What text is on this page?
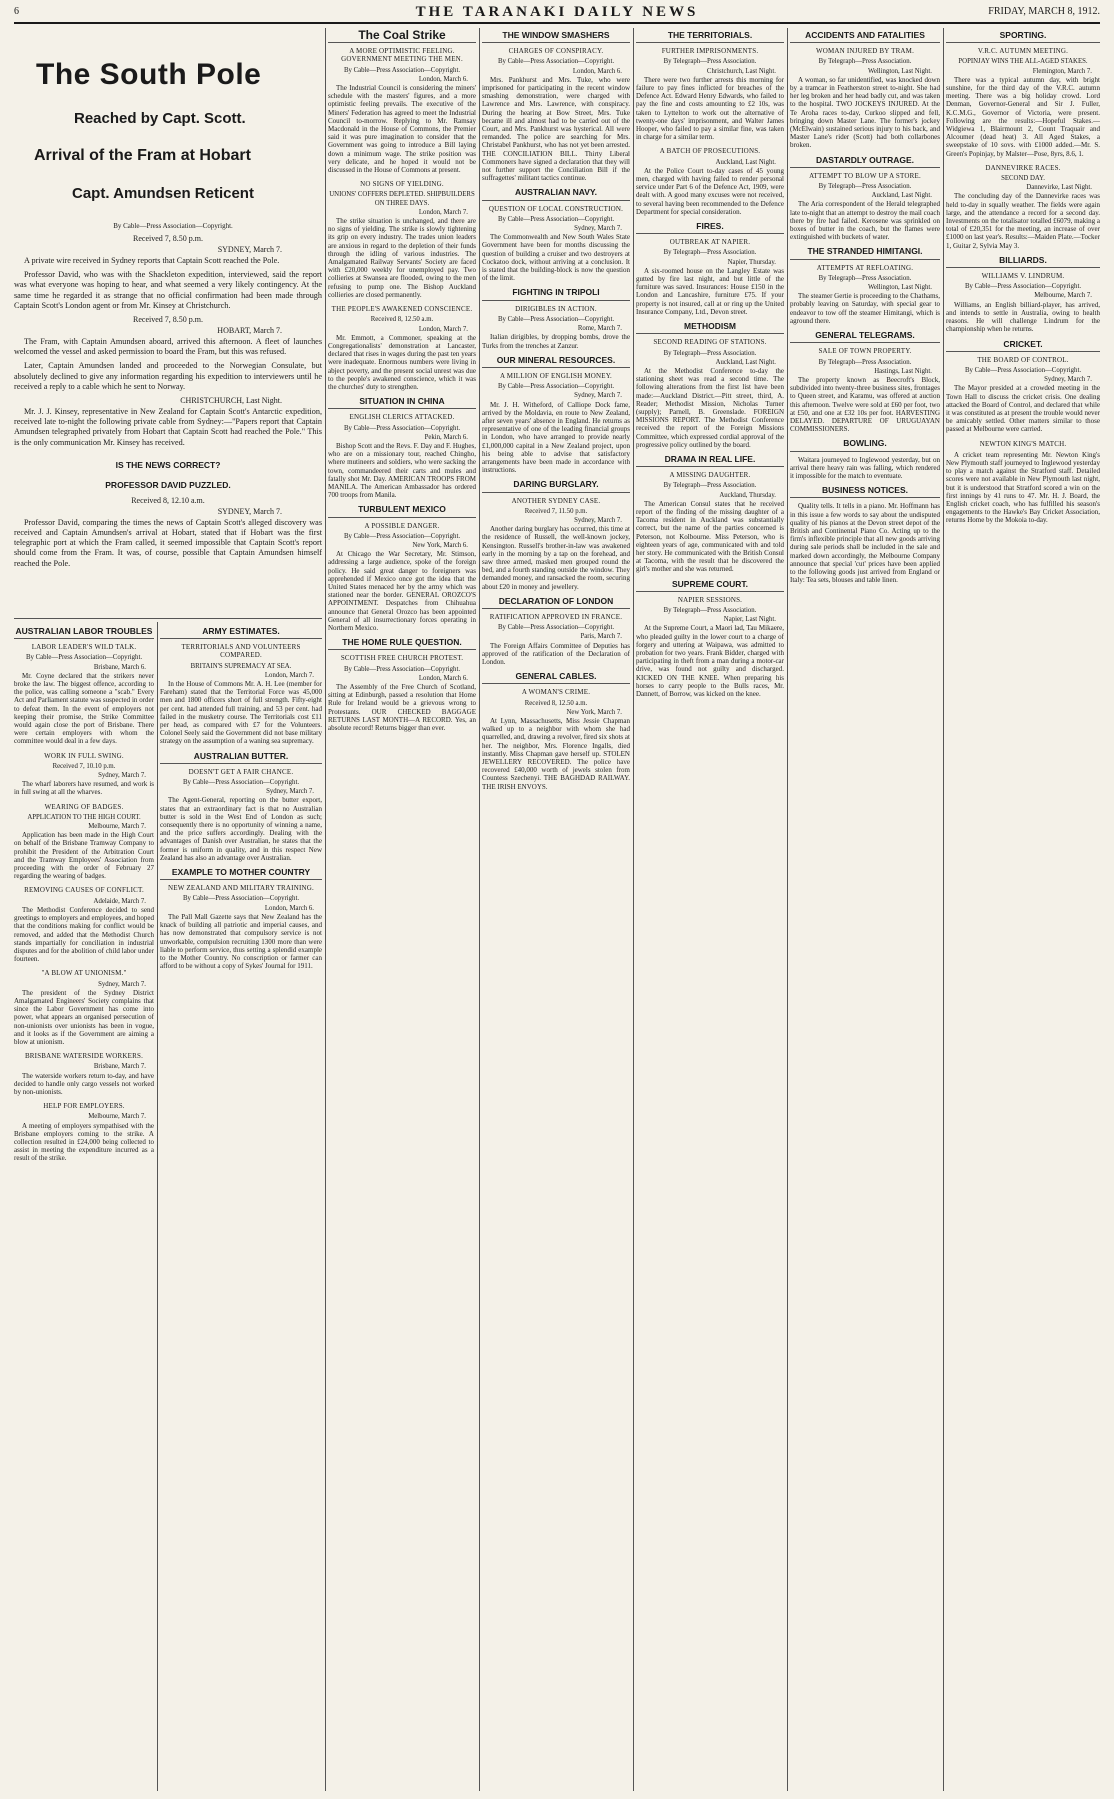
6	THE TARANAKI DAILY NEWS	FRIDAY, MARCH 8, 1912.
The South Pole
Reached by Capt. Scott.
Arrival of the Fram at Hobart
Capt. Amundsen Reticent
By Cable—Press Association—Copyright.
Received 7, 8.50 p.m.
SYDNEY, March 7.

A private wire received in Sydney reports that Captain Scott reached the Pole.

Professor David, who was with the Shackleton expedition, interviewed, said the report was what everyone was hoping to hear, and what seemed a very likely contingency. At the same time he regarded it as strange that no official confirmation had been made through Captain Scott's London agent or from Mr. Kinsey at Christchurch.

Received 7, 8.50 p.m.
HOBART, March 7.

The Fram, with Captain Amundsen aboard, arrived this afternoon. A fleet of launches welcomed the vessel and asked permission to board the Fram, but this was refused.

Later, Captain Amundsen landed and proceeded to the Norwegian Consulate, but absolutely declined to give any information regarding his expedition to interviewers until he received a reply to a cable which he sent to Norway.

CHRISTCHURCH, Last Night.

Mr. J. J. Kinsey, representative in New Zealand for Captain Scott's Antarctic expedition, received late to-night the following private cable from Sydney:—"Papers report that Captain Amundsen telegraphed privately from Hobart that Captain Scott had reached the Pole." This is the only communication Mr. Kinsey has received.

IS THE NEWS CORRECT?
PROFESSOR DAVID PUZZLED.
Received 8, 12.10 a.m.
SYDNEY, March 7.

Professor David, comparing the times the news of Captain Scott's alleged discovery was received and Captain Amundsen's arrival at Hobart, stated that if Hobart was the first telegraphic port at which the Fram called, it seemed impossible that Captain Scott's report should come from the Fram. It was, of course, possible that Captain Amundsen himself reached the Pole.

AUSTRALIAN LABOR TROUBLES
LABOR LEADER'S WILD TALK.
By Cable—Press Association—Copyright.
Brisbane, March 6.

Mr. Coyne declared that the strikers never broke the law. The biggest offence, according to the police, was calling someone a "scab." Every Act and Parliament statute was suspected in order to defeat them. In the event of employers not keeping their promise, the Strike Committee would again close the port of Brisbane. There were certain employers with whom the committee would deal in a few days.

WORK IN FULL SWING.
Received 7, 10.10 p.m.
Sydney, March 7.

The wharf laborers have resumed, and work is in full swing at all the wharves.

WEARING OF BADGES.
APPLICATION TO THE HIGH COURT.
Melbourne, March 7.

Application has been made in the High Court on behalf of the Brisbane Tramway Company to prohibit the President of the Arbitration Court and the Tramway Employees' Association from proceeding with the order of February 27 regarding the wearing of badges.

REMOVING CAUSES OF CONFLICT.
Adelaide, March 7.

The Methodist Conference decided to send greetings to employers and employees, and hoped that the conditions making for conflict would be removed, and added that the Methodist Church stands impartially for conciliation in industrial disputes and for the abolition of child labor under fourteen.

"A BLOW AT UNIONISM."
Sydney, March 7.

The president of the Sydney District Amalgamated Engineers' Society complains that since the Labor Government has come into power, what appears an organised persecution of non-unionists over unionists has been in vogue, and it looks as if the Government are aiming a blow at unionism.

BRISBANE WATERSIDE WORKERS.
Brisbane, March 7.

The waterside workers return to-day, and have decided to handle only cargo vessels not worked by non-unionists.

HELP FOR EMPLOYERS.
Melbourne, March 7.

A meeting of employers sympathised with the Brisbane employers coming to the strike. A collection resulted in £24,000 being collected to assist in meeting the expenditure incurred as a result of the strike.

ARMY ESTIMATES.
TERRITORIALS AND VOLUNTEERS COMPARED.
BRITAIN'S SUPREMACY AT SEA.
London, March 7.

In the House of Commons Mr. A. H. Lee (member for Fareham) stated that the Territorial Force was 45,000 men and 1800 officers short of full strength. Fifty-eight per cent. had attended full training, and 53 per cent. had failed in the musketry course. The Territorials cost £11 per head, as compared with £7 for the Volunteers. Colonel Seely said the Government did not base military strategy on the assumption of a waning sea supremacy.

AUSTRALIAN BUTTER.
DOESN'T GET A FAIR CHANCE.
By Cable—Press Association—Copyright.
Sydney, March 7.

The Agent-General, reporting on the butter export, states that an extraordinary fact is that no Australian butter is sold in the West End of London as such; consequently there is no opportunity of winning a name, and the price suffers accordingly. Dealing with the advantages of Danish over Australian, he states that the former is uniform in quality, and in this respect New Zealand has also an advantage over Australian.

EXAMPLE TO MOTHER COUNTRY
NEW ZEALAND AND MILITARY TRAINING.
By Cable—Press Association—Copyright.
London, March 6.

The Pall Mall Gazette says that New Zealand has the knack of building all patriotic and imperial causes, and has now demonstrated that compulsory service is not unworkable, compulsion recruiting 1300 more than were liable to perform service, thus setting a splendid example to the Mother Country. No conscription or farmer can afford to be without a copy of Sykes' Journal for 1911.

The Coal Strike
A MORE OPTIMISTIC FEELING. GOVERNMENT MEETING THE MEN.
By Cable—Press Association—Copyright.
London, March 6.

The Industrial Council is considering the miners' schedule with the masters' figures, and a more optimistic feeling prevails. The executive of the Miners' Federation has agreed to meet the Industrial Council to-morrow. Replying to Mr. Ramsay Macdonald in the House of Commons, the Premier said it was pure imagination to consider that the Government was going to introduce a Bill laying down a minimum wage. The strike position was very delicate, and he hoped it would not be discussed in the House of Commons at present.

NO SIGNS OF YIELDING.
UNIONS' COFFERS DEPLETED. SHIPBUILDERS ON THREE DAYS.
London, March 7.

The strike situation is unchanged, and there are no signs of yielding. The strike is slowly tightening its grip on every industry. The trades union leaders are anxious in regard to the depletion of their funds through the idling of various industries. The Amalgamated Railway Servants' Society are faced with £20,000 weekly for unemployed pay. Two collieries at Swansea are flooded, owing to the men refusing to pump one. The Bishop Auckland collieries are closed permanently.

THE PEOPLE'S AWAKENED CONSCIENCE.
Received 8, 12.50 a.m.
London, March 7.

Mr. Emmott, a Commoner, speaking at the Congregationalists' demonstration at Lancaster, declared that rises in wages during the past ten years were inadequate. Enormous numbers were living in abject poverty, and the present social unrest was due to the people's awakened conscience, which it was the churches' duty to strengthen.

SITUATION IN CHINA
ENGLISH CLERICS ATTACKED.
By Cable—Press Association—Copyright.
Pekin, March 6.

Bishop Scott and the Revs. F. Day and F. Hughes, who are on a missionary tour, reached Chingho, where mutineers and soldiers, who were sacking the town, commandeered their carts and mules and fatally shot Mr. Day. AMERICAN TROOPS FROM MANILA. The American Ambassador has ordered 700 troops from Manila.

TURBULENT MEXICO
A POSSIBLE DANGER.
By Cable—Press Association—Copyright.
New York, March 6.

At Chicago the War Secretary, Mr. Stimson, addressing a large audience, spoke of the foreign policy. He said great danger to foreigners was apprehended if Mexico once got the idea that the United States menaced her by the army which was stationed near the border. GENERAL OROZCO'S APPOINTMENT. Despatches from Chihuahua announce that General Orozco has been appointed General of all insurrectionary forces operating in Northern Mexico.

THE HOME RULE QUESTION.
SCOTTISH FREE CHURCH PROTEST.
By Cable—Press Association—Copyright.
London, March 6.

The Assembly of the Free Church of Scotland, sitting at Edinburgh, passed a resolution that Home Rule for Ireland would be a grievous wrong to Protestants. OUR CHECKED BAGGAGE RETURNS LAST MONTH—A RECORD. Yes, an absolute record! Returns bigger than ever.

THE WINDOW SMASHERS
CHARGES OF CONSPIRACY.
By Cable—Press Association—Copyright.
London, March 6.

Mrs. Pankhurst and Mrs. Tuke, who were imprisoned for participating in the recent window smashing demonstration, were charged with Lawrence and Mrs. Lawrence, with conspiracy. During the hearing at Bow Street, Mrs. Tuke became ill and almost had to be carried out of the Court, and Mrs. Pankhurst was hysterical. All were remanded. The police are searching for Mrs. Christabel Pankhurst, who has not yet been arrested. THE CONCILIATION BILL. Thirty Liberal Commoners have signed a declaration that they will not further support the Conciliation Bill if the suffragettes' militant tactics continue.

AUSTRALIAN NAVY.
QUESTION OF LOCAL CONSTRUCTION.
By Cable—Press Association—Copyright.
Sydney, March 7.

The Commonwealth and New South Wales State Government have been for months discussing the question of building a cruiser and two destroyers at Cockatoo dock, without arriving at a conclusion. It is stated that the building-block is now the question of the limit.

FIGHTING IN TRIPOLI
DIRIGIBLES IN ACTION.
By Cable—Press Association—Copyright.
Rome, March 7.

Italian dirigibles, by dropping bombs, drove the Turks from the trenches at Zanzur.

OUR MINERAL RESOURCES.
A MILLION OF ENGLISH MONEY.
By Cable—Press Association—Copyright.
Sydney, March 7.

Mr. J. H. Witheford, of Calliope Dock fame, arrived by the Moldavia, en route to New Zealand, after seven years' absence in England. He returns as representative of one of the leading financial groups in London, who have arranged to provide nearly £1,000,000 capital in a New Zealand project, upon his being able to advise that satisfactory arrangements have been made in accordance with instructions.

DARING BURGLARY.
ANOTHER SYDNEY CASE.
Received 7, 11.50 p.m.
Sydney, March 7.

Another daring burglary has occurred, this time at the residence of Russell, the well-known jockey, Kensington. Russell's brother-in-law was awakened early in the morning by a tap on the forehead, and saw three armed, masked men grouped round the bed, and a fourth standing outside the window. They demanded money, and ransacked the room, securing about £20 in money and jewellery.

DECLARATION OF LONDON
RATIFICATION APPROVED IN FRANCE.
By Cable—Press Association—Copyright.
Paris, March 7.

The Foreign Affairs Committee of Deputies has approved of the ratification of the Declaration of London.

GENERAL CABLES.
A WOMAN'S CRIME.
Received 8, 12.50 a.m.
New York, March 7.

At Lynn, Massachusetts, Miss Jessie Chapman walked up to a neighbor with whom she had quarrelled, and, drawing a revolver, fired six shots at her. The neighbor, Mrs. Florence Ingalls, died instantly. Miss Chapman gave herself up. STOLEN JEWELLERY RECOVERED. The police have recovered £40,000 worth of jewels stolen from Countess Szechenyi. THE BAGHDAD RAILWAY. THE IRISH ENVOYS.

THE TERRITORIALS.
FURTHER IMPRISONMENTS.
By Telegraph—Press Association.
Christchurch, Last Night.

There were two further arrests this morning for failure to pay fines inflicted for breaches of the Defence Act. Edward Henry Edwards, who failed to pay the fine and costs amounting to £2 10s, was taken to Lyttelton to work out the alternative of twenty-one days' imprisonment, and Walter James Hooper, who failed to pay a similar fine, was taken in charge for a similar term.

A BATCH OF PROSECUTIONS.
Auckland, Last Night.

At the Police Court to-day cases of 45 young men, charged with having failed to render personal service under Part 6 of the Defence Act, 1909, were dealt with. A good many excuses were not received, to several having been recommended to the Defence Department for special consideration.

FIRES.
OUTBREAK AT NAPIER.
By Telegraph—Press Association.
Napier, Thursday.

A six-roomed house on the Langley Estate was gutted by fire last night, and but little of the furniture was saved. Insurances: House £150 in the London and Lancashire, furniture £75. If your property is not insured, call at or ring up the United Insurance Company, Ltd., Devon street.

METHODISM
SECOND READING OF STATIONS.
By Telegraph—Press Association.
Auckland, Last Night.

At the Methodist Conference to-day the stationing sheet was read a second time. The following alterations from the first list have been made:—Auckland District.—Pitt street, third, A. Reader; Methodist Mission, Nicholas Turner (supply); Parnell, B. Greenslade. FOREIGN MISSIONS REPORT. The Methodist Conference received the report of the Foreign Missions Committee, which expressed cordial approval of the progressive policy outlined by the board.

DRAMA IN REAL LIFE.
A MISSING DAUGHTER.
By Telegraph—Press Association.
Auckland, Thursday.

The American Consul states that he received report of the finding of the missing daughter of a Tacoma resident in Auckland was substantially correct, but the name of the parties concerned is Peterson, not Kolbourne. Miss Peterson, who is eighteen years of age, communicated with and told her story. He communicated with the British Consul at Tacoma, with the result that he discovered the girl's mother and she was returned.

SUPREME COURT.
NAPIER SESSIONS.
By Telegraph—Press Association.
Napier, Last Night.

At the Supreme Court, a Maori lad, Tau Mikaere, who pleaded guilty in the lower court to a charge of forgery and uttering at Waipawa, was admitted to probation for two years. Frank Bidder, charged with participating in theft from a man during a motor-car drive, was found not guilty and discharged. KICKED ON THE KNEE. When preparing his horses to carry people to the Bulls races, Mr. Dannett, of Borrow, was kicked on the knee.

ACCIDENTS AND FATALITIES
WOMAN INJURED BY TRAM.
By Telegraph—Press Association.
Wellington, Last Night.

A woman, so far unidentified, was knocked down by a tramcar in Featherston street to-night. She had her leg broken and her head badly cut, and was taken to the hospital. TWO JOCKEYS INJURED. At the Te Aroha races to-day, Curkoo slipped and fell, bringing down Master Lane. The former's jockey (McElwain) sustained serious injury to his back, and Master Lane's rider (Scott) had both collarbones broken.

DASTARDLY OUTRAGE.
ATTEMPT TO BLOW UP A STORE.
By Telegraph—Press Association.
Auckland, Last Night.

The Aria correspondent of the Herald telegraphed late to-night that an attempt to destroy the mail coach there by fire had failed. Kerosene was sprinkled on boxes of butter in the coach, but the flames were extinguished with buckets of water.

THE STRANDED HIMITANGI.
ATTEMPTS AT REFLOATING.
By Telegraph—Press Association.
Wellington, Last Night.

The steamer Gertie is proceeding to the Chathams, probably leaving on Saturday, with special gear to endeavor to tow off the steamer Himitangi, which is aground there.

GENERAL TELEGRAMS.
SALE OF TOWN PROPERTY.
By Telegraph—Press Association.
Hastings, Last Night.

The property known as Beecroft's Block, subdivided into twenty-three business sites, frontages to Queen street, and Karamu, was offered at auction this afternoon. Twelve were sold at £60 per foot, two at £50, and one at £32 10s per foot. HARVESTING DELAYED. DEPARTURE OF URUGUAYAN COMMISSIONERS.

BOWLING.

Waitara journeyed to Inglewood yesterday, but on arrival there heavy rain was falling, which rendered it impossible for the match to eventuate.

BUSINESS NOTICES.

Quality tells. It tells in a piano. Mr. Hoffmann has in this issue a few words to say about the undisputed quality of his pianos at the Devon street depot of the British and Continental Piano Co. Acting up to the firm's inflexible principle that all new goods arriving during sale periods shall be included in the sale and marked down accordingly, the Melbourne Company announce that special 'cut' prices have been applied to the following goods just arrived from England or Italy: Tea sets, blouses and table linen.

SPORTING.
V.R.C. AUTUMN MEETING.
POPINJAY WINS THE ALL-AGED STAKES.
Flemington, March 7.

There was a typical autumn day, with bright sunshine, for the third day of the V.R.C. autumn meeting. There was a big holiday crowd. Lord Denman, Governor-General and Sir J. Fuller, K.C.M.G., Governor of Victoria, were present. Following are the results:—Hopeful Stakes.—Widgiewa 1, Blairmount 2, Count Traquair and Alcoumer (dead heat) 3. All Aged Stakes, a sweepstake of 10 sovs. with £1000 added.—Mr. S. Green's Popinjay, by Malster—Pose, 8yrs, 8.6, 1.

DANNEVIRKE RACES.
SECOND DAY.
Dannevirke, Last Night.

The concluding day of the Dannevirke races was held to-day in squally weather. The fields were again large, and the attendance a record for a second day. Investments on the totalisator totalled £6079, making a total of £20,351 for the meeting, an increase of over £1000 on last year's. Results:—Maiden Plate.—Tocker 1, Guitar 2, Sylvia May 3.

BILLIARDS.
WILLIAMS V. LINDRUM.
By Cable—Press Association—Copyright.
Melbourne, March 7.

Williams, an English billiard-player, has arrived, and intends to settle in Australia, owing to health reasons. He will challenge Lindrum for the championship when he returns.

CRICKET.
THE BOARD OF CONTROL.
By Cable—Press Association—Copyright.
Sydney, March 7.

The Mayor presided at a crowded meeting in the Town Hall to discuss the cricket crisis. One dealing attacked the Board of Control, and declared that while it was constituted as at present the trouble would never be amicably settled. Other matters similar to those passed at Melbourne were carried.

NEWTON KING'S MATCH.

A cricket team representing Mr. Newton King's New Plymouth staff journeyed to Inglewood yesterday to play a match against the Stratford staff. Detailed scores were not available in New Plymouth last night, but it is understood that Stratford scored a win on the first innings by 41 runs to 47. Mr. H. J. Board, the English cricket coach, who has fulfilled his season's engagements to the Hawke's Bay Cricket Association, returns Home by the Mokoia to-day.
